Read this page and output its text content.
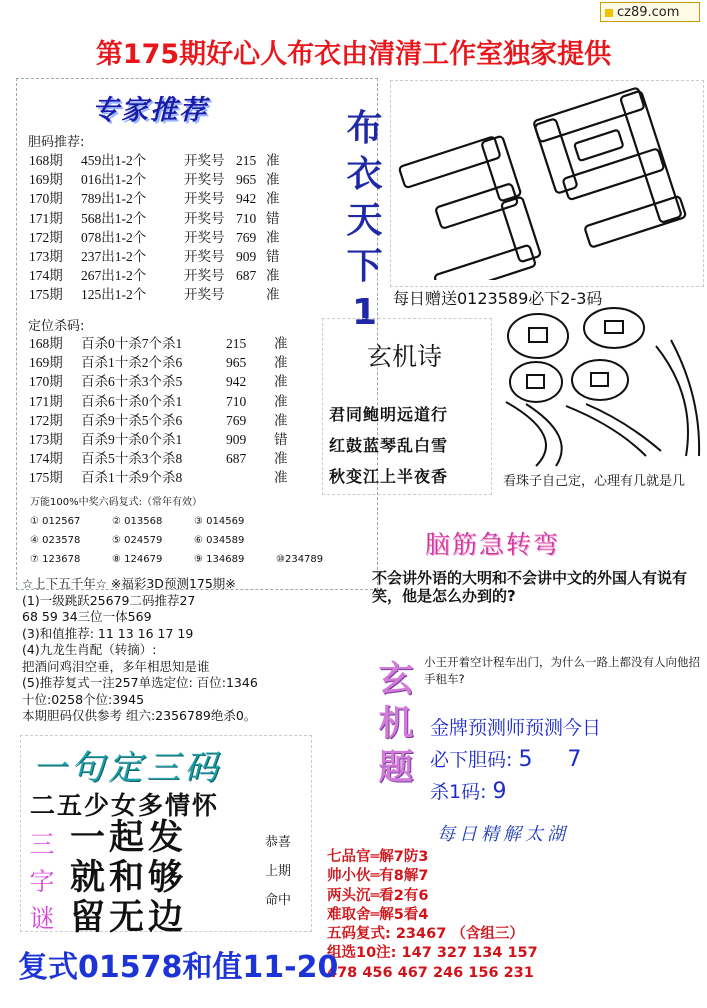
cz89.com
第175期好心人布衣由清清工作室独家提供
专家推荐
胆码推荐:
168期 459出1-2个	开奖号 215 准
169期 016出1-2个	开奖号 965 准
170期 789出1-2个	开奖号 942 准
171期 568出1-2个	开奖号 710 错
172期 078出1-2个	开奖号 769 准
173期 237出1-2个	开奖号 909 错
174期 267出1-2个	开奖号 687 准
175期 125出1-2个	开奖号	准
定位杀码:
168期 百杀0十杀7个杀1	215 准
169期 百杀1十杀2个杀6	965 准
170期 百杀6十杀3个杀5	942 准
171期 百杀6十杀0个杀1	710 准
172期 百杀9十杀5个杀6	769 准
173期 百杀9十杀0个杀1	909 错
174期 百杀5十杀3个杀8	687 准
175期 百杀1十杀9个杀8	准
万能100%中奖六码复式:（常年有效）
① 012567	② 013568	③ 014569
④ 023578	⑤ 024579	⑥ 034589
⑦ 123678	⑧ 124679	⑨ 134689	⑩234789
☆上下五千年☆ ※福彩3D预测175期※
(1)一级跳跃25679二码推荐27
68 59 34三位一体569
(3)和值推荐: 11 13 16 17 19
(4)九龙生肖配（转摘）:
把酒问鸡泪空垂，多年相思知是谁
(5)推荐复式一注257单选定位: 百位:1346
十位:0258个位:3945
本期胆码仅供参考 组六:2356789绝杀0。
布
衣
天
下
1
39
每日赠送0123589必下2-3码
玄机诗
君同鲍明远道行
红鼓蓝琴乱白雪
秋变江上半夜香	看珠子自己定，心理有几就是几
脑筋急转弯
不会讲外语的大明和不会讲中文的外国人有说有笑，他是怎么办到的?
玄
机
题
小王开着空计程车出门，为什么一路上都没有人向他招手租车?
金牌预测师预测今日
必下胆码: 5     7
杀1码: 9
每日精解太湖
七品官═解7防3
帅小伙═有8解7
两头沉═看2有6
难取舍═解5看4
五码复式: 23467 （含组三）
组选10注: 147 327 134 157
478 456 467 246 156 231
一句定三码
二五少女多情怀
三
字
谜
一起发
就和够
留无边
恭喜
上期
命中
复式01578和值11-20
